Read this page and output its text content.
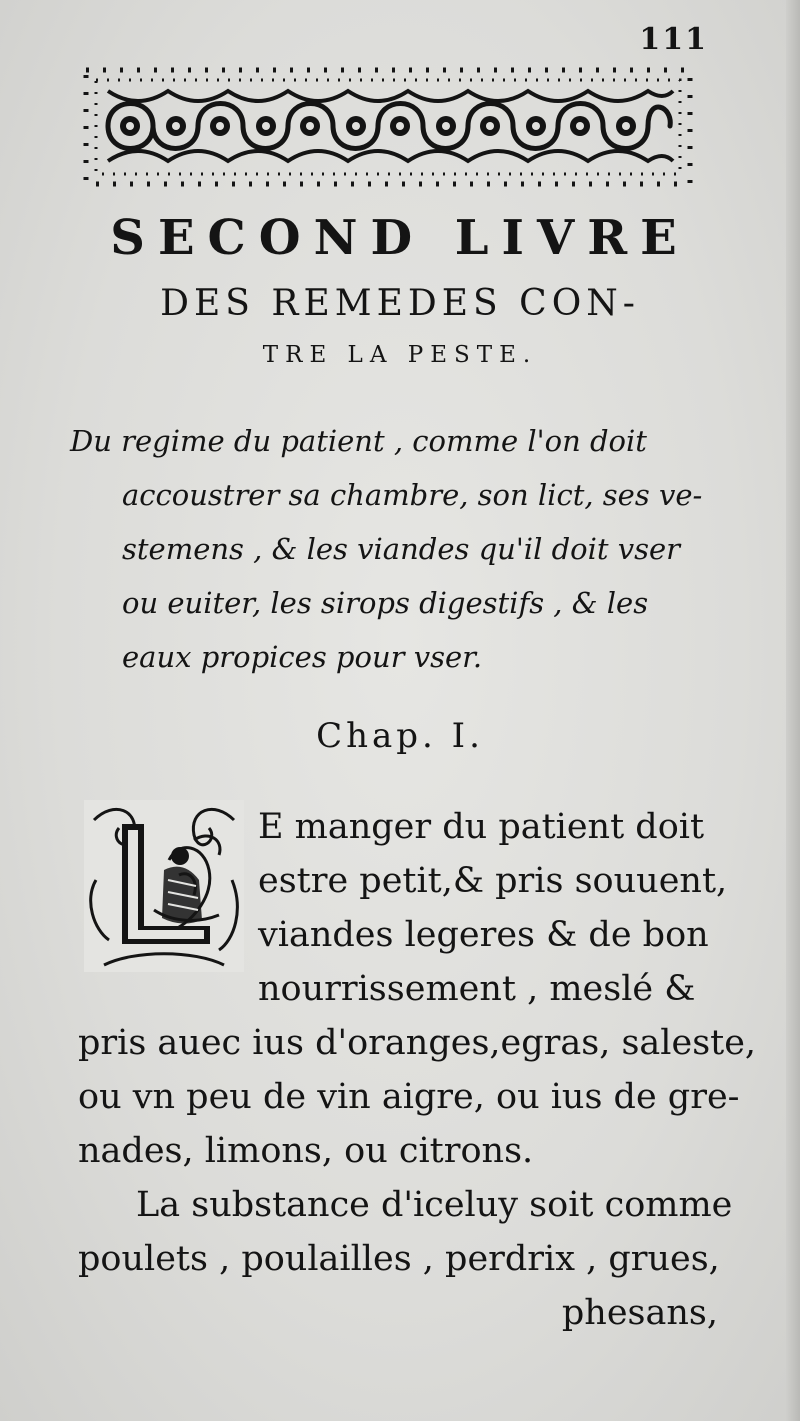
111
SECOND LIVRE
DES REMEDES CON-
TRE LA PESTE.
Du regime du patient , comme l'on doit
accoustrer sa chambre, son lict, ses ve-
stemens , & les viandes qu'il doit vser
ou euiter, les sirops digestifs , & les
eaux propices pour vser.
Chap. I.
E manger du patient doit
estre petit,& pris souuent,
viandes legeres & de bon
nourrissement , meslé &
pris auec ius d'oranges,egras, saleste,
ou vn peu de vin aigre, ou ius de gre-
nades, limons, ou citrons.
La substance d'iceluy soit comme
poulets , poulailles , perdrix , grues,
phesans,
